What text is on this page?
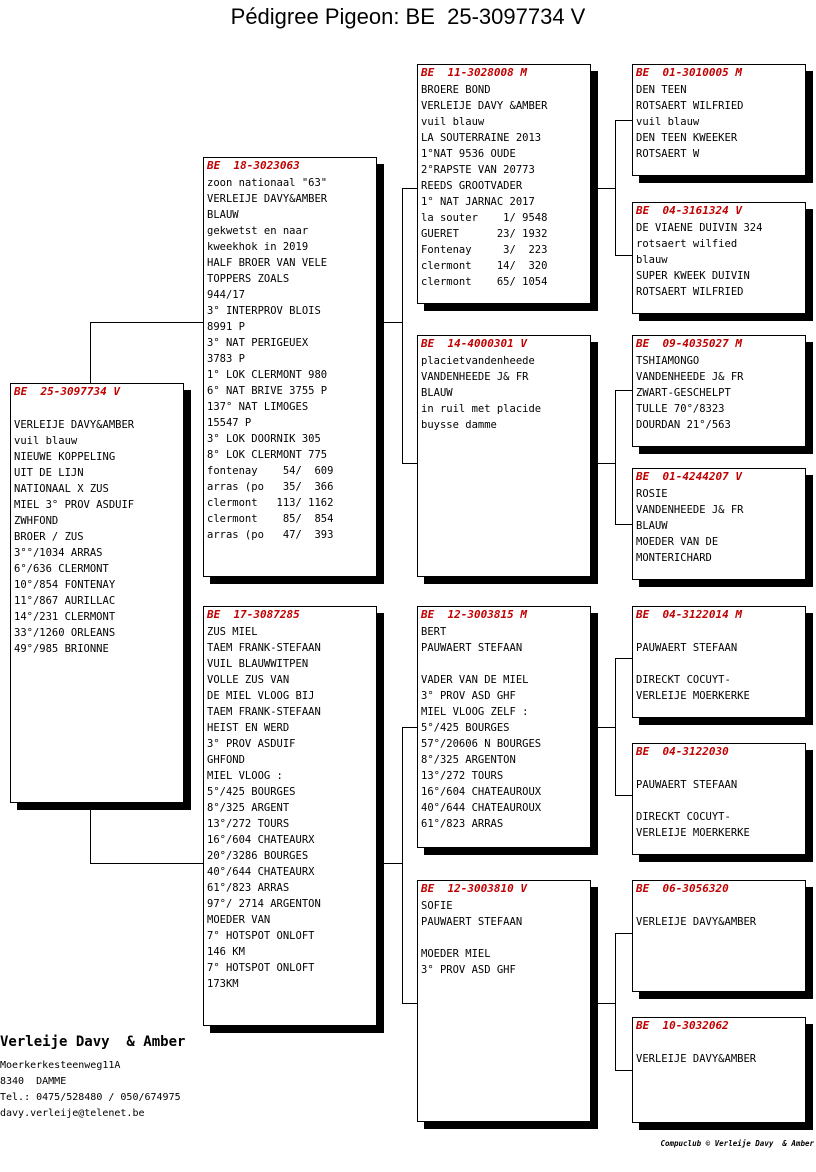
Pédigree Pigeon: BE  25-3097734 V
BE  25-3097734 V
VERLEIJE DAVY&AMBER
vuil blauw
NIEUWE KOPPELING
UIT DE LIJN
NATIONAAL X ZUS
MIEL 3° PROV ASDUIF
ZWHFOND
BROER / ZUS
3°°/1034 ARRAS
6°/636 CLERMONT
10°/854 FONTENAY
11°/867 AURILLAC
14°/231 CLERMONT
33°/1260 ORLEANS
49°/985 BRIONNE
BE  18-3023063
zoon nationaal "63"
VERLEIJE DAVY&AMBER
BLAUW
gekwetst en naar
kweekhok in 2019
HALF BROER VAN VELE
TOPPERS ZOALS
944/17
3° INTERPROV BLOIS
8991 P
3° NAT PERIGEUEX
3783 P
1° LOK CLERMONT 980
6° NAT BRIVE 3755 P
137° NAT LIMOGES
15547 P
3° LOK DOORNIK 305
8° LOK CLERMONT 775
fontenay    54/  609
arras (po   35/  366
clermont   113/ 1162
clermont    85/  854
arras (po   47/  393
BE  17-3087285
ZUS MIEL
TAEM FRANK-STEFAAN
VUIL BLAUWWITPEN
VOLLE ZUS VAN
DE MIEL VLOOG BIJ
TAEM FRANK-STEFAAN
HEIST EN WERD
3° PROV ASDUIF
GHFOND
MIEL VLOOG :
5°/425 BOURGES
8°/325 ARGENT
13°/272 TOURS
16°/604 CHATEAURX
20°/3286 BOURGES
40°/644 CHATEAURX
61°/823 ARRAS
97°/ 2714 ARGENTON
MOEDER VAN
7° HOTSPOT ONLOFT
146 KM
7° HOTSPOT ONLOFT
173KM
BE  11-3028008 M
BROERE BOND
VERLEIJE DAVY &AMBER
vuil blauw
LA SOUTERRAINE 2013
1°NAT 9536 OUDE
2°RAPSTE VAN 20773
REEDS GROOTVADER
1° NAT JARNAC 2017
la souter    1/ 9548
GUERET      23/ 1932
Fontenay     3/  223
clermont    14/  320
clermont    65/ 1054
BE  14-4000301 V
placietvandenheede
VANDENHEEDE J& FR
BLAUW
in ruil met placide
buysse damme
BE  12-3003815 M
BERT
PAUWAERT STEFAAN
VADER VAN DE MIEL
3° PROV ASD GHF
MIEL VLOOG ZELF :
5°/425 BOURGES
57°/20606 N BOURGES
8°/325 ARGENTON
13°/272 TOURS
16°/604 CHATEAUROUX
40°/644 CHATEAUROUX
61°/823 ARRAS
BE  12-3003810 V
SOFIE
PAUWAERT STEFAAN
MOEDER MIEL
3° PROV ASD GHF
BE  01-3010005 M
DEN TEEN
ROTSAERT WILFRIED
vuil blauw
DEN TEEN KWEEKER
ROTSAERT W
BE  04-3161324 V
DE VIAENE DUIVIN 324
rotsaert wilfied
blauw
SUPER KWEEK DUIVIN
ROTSAERT WILFRIED
BE  09-4035027 M
TSHIAMONGO
VANDENHEEDE J& FR
ZWART-GESCHELPT
TULLE 70°/8323
DOURDAN 21°/563
BE  01-4244207 V
ROSIE
VANDENHEEDE J& FR
BLAUW
MOEDER VAN DE
MONTERICHARD
BE  04-3122014 M
PAUWAERT STEFAAN
DIRECKT COCUYT-
VERLEIJE MOERKERKE
BE  04-3122030
PAUWAERT STEFAAN
DIRECKT COCUYT-
VERLEIJE MOERKERKE
BE  06-3056320
VERLEIJE DAVY&AMBER
BE  10-3032062
VERLEIJE DAVY&AMBER
Verleije Davy  & Amber
Moerkerkesteenweg11A
8340  DAMME
Tel.: 0475/528480 / 050/674975
davy.verleije@telenet.be
Compuclub © Verleije Davy  & Amber
